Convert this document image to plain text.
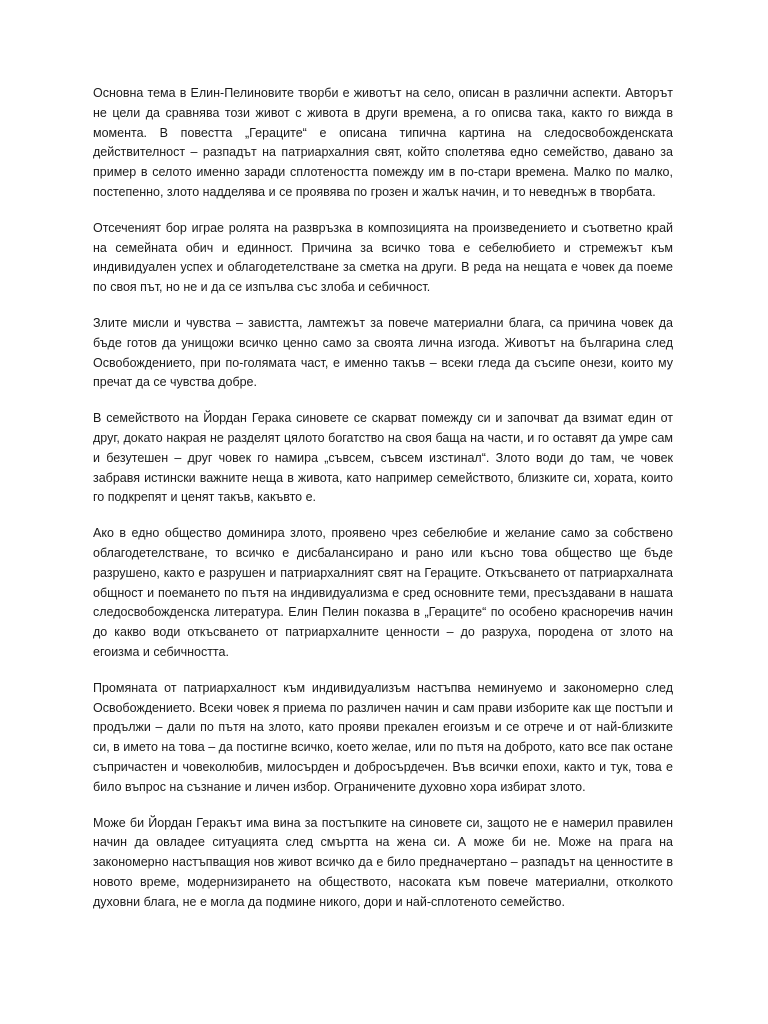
Основна тема в Елин-Пелиновите творби е животът на село, описан в различни аспекти. Авторът не цели да сравнява този живот с живота в други времена, а го описва така, както го вижда в момента. В повестта „Гераците“ е описана типична картина на следосвобожденската действителност – разпадът на патриархалния свят, който сполетява едно семейство, давано за пример в селото именно заради сплотеността помежду им в по-стари времена. Малко по малко, постепенно, злото надделява и се проявява по грозен и жалък начин, и то неведнъж в творбата.

Отсеченият бор играе ролята на развръзка в композицията на произведението и съответно край на семейната обич и единност. Причина за всичко това е себелюбието и стремежът към индивидуален успех и облагодетелстване за сметка на други. В реда на нещата е човек да поеме по своя път, но не и да се изпълва със злоба и себичност.

Злите мисли и чувства – завистта, ламтежът за повече материални блага, са причина човек да бъде готов да унищожи всичко ценно само за своята лична изгода. Животът на българина след Освобождението, при по-голямата част, е именно такъв – всеки гледа да съсипе онези, които му пречат да се чувства добре.

В семейството на Йордан Герака синовете се скарват помежду си и започват да взимат един от друг, докато накрая не разделят цялото богатство на своя баща на части, и го оставят да умре сам и безутешен – друг човек го намира „съвсем, съвсем изстинал“. Злото води до там, че човек забравя истински важните неща в живота, като например семейството, близките си, хората, които го подкрепят и ценят такъв, какъвто е.

Ако в едно общество доминира злото, проявено чрез себелюбие и желание само за собствено облагодетелстване, то всичко е дисбалансирано и рано или късно това общество ще бъде разрушено, както е разрушен и патриархалният свят на Гераците. Откъсването от патриархалната общност и поемането по пътя на индивидуализма е сред основните теми, пресъздавани в нашата следосвобожденска литература. Елин Пелин показва в „Гераците“ по особено красноречив начин до какво води откъсването от патриархалните ценности – до разруха, породена от злото на егоизма и себичността.

Промяната от патриархалност към индивидуализъм настъпва неминуемо и закономерно след Освобождението. Всеки човек я приема по различен начин и сам прави изборите как ще постъпи и продължи – дали по пътя на злото, като прояви прекален егоизъм и се отрече и от най-близките си, в името на това – да постигне всичко, което желае, или по пътя на доброто, като все пак остане съпричастен и човеколюбив, милосърден и добросърдечен. Във всички епохи, както и тук, това е било въпрос на съзнание и личен избор. Ограничените духовно хора избират злото.

Може би Йордан Геракът има вина за постъпките на синовете си, защото не е намерил правилен начин да овладее ситуацията след смъртта на жена си. А може би не. Може на прага на закономерно настъпващия нов живот всичко да е било предначертано – разпадът на ценностите в новото време, модернизирането на обществото, насоката към повече материални, отколкото духовни блага, не е могла да подмине никого, дори и най-сплотеното семейство.
